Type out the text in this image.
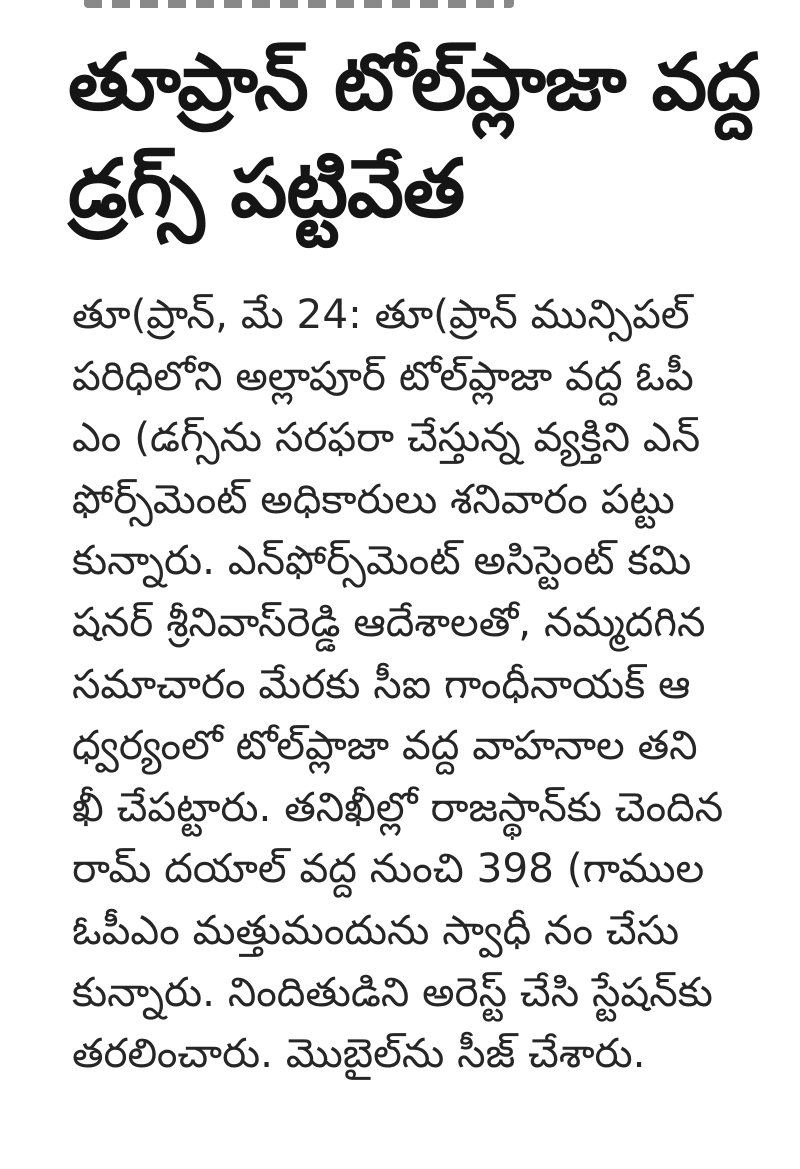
తూప్రాన్ టోల్‌ప్లాజా వద్ద
డ్రగ్స్ పట్టివేత
తూ(ప్రాన్, మే 24: తూ(ప్రాన్ మున్సిపల్
పరిధిలోని అల్లాపూర్ టోల్‌ప్లాజా వద్ద ఓపీ
ఎం (డగ్స్‌ను సరఫరా చేస్తున్న వ్యక్తిని ఎన్
ఫోర్స్‌మెంట్ అధికారులు శనివారం పట్టు
కున్నారు. ఎన్‌ఫోర్స్‌మెంట్ అసిస్టెంట్ కమి
షనర్ శ్రీనివాస్‌రెడ్డి ఆదేశాలతో, నమ్మదగిన
సమాచారం మేరకు సీఐ గాంధీనాయక్ ఆ
ధ్వర్యంలో టోల్‌ప్లాజా వద్ద వాహనాల తని
ఖీ చేపట్టారు. తనిఖీల్లో రాజస్థాన్‌కు చెందిన
రామ్ దయాల్ వద్ద నుంచి 398 (గాముల
ఓపీఎం మత్తుమందును స్వాధీ నం చేసు
కున్నారు. నిందితుడిని అరెస్ట్ చేసి స్టేషన్‌కు
తరలించారు. మొబైల్‌ను సీజ్ చేశారు.
